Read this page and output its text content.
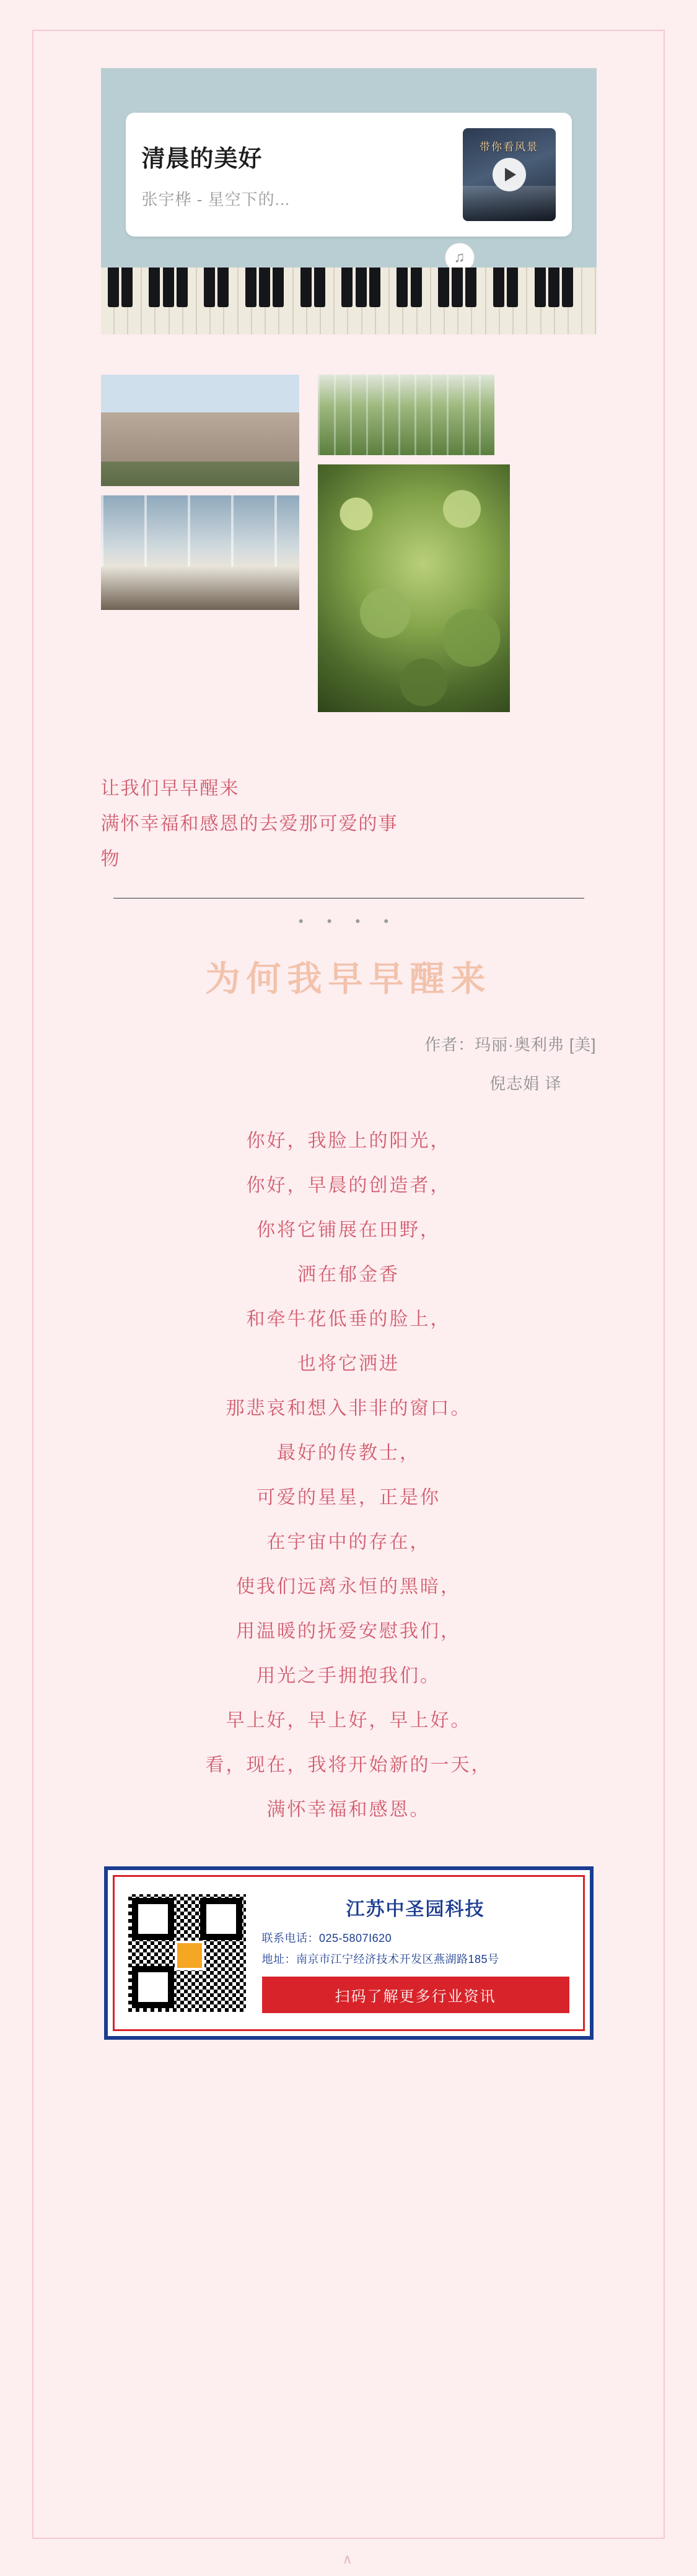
清晨的美好
张宇桦 - 星空下的...
带你看风景
♫
让我们早早醒来
满怀幸福和感恩的去爱那可爱的事
物
• • • •
为何我早早醒来
作者：玛丽·奥利弗 [美]
倪志娟 译
你好，我脸上的阳光，
你好，早晨的创造者，
你将它铺展在田野，
洒在郁金香
和牵牛花低垂的脸上，
也将它洒进
那悲哀和想入非非的窗口。
最好的传教士，
可爱的星星，正是你
在宇宙中的存在，
使我们远离永恒的黑暗，
用温暖的抚爱安慰我们，
用光之手拥抱我们。
早上好，早上好，早上好。
看，现在，我将开始新的一天，
满怀幸福和感恩。
江苏中圣园科技
联系电话：025-5807I620
地址：南京市江宁经济技术开发区燕湖路185号
扫码了解更多行业资讯
∧
